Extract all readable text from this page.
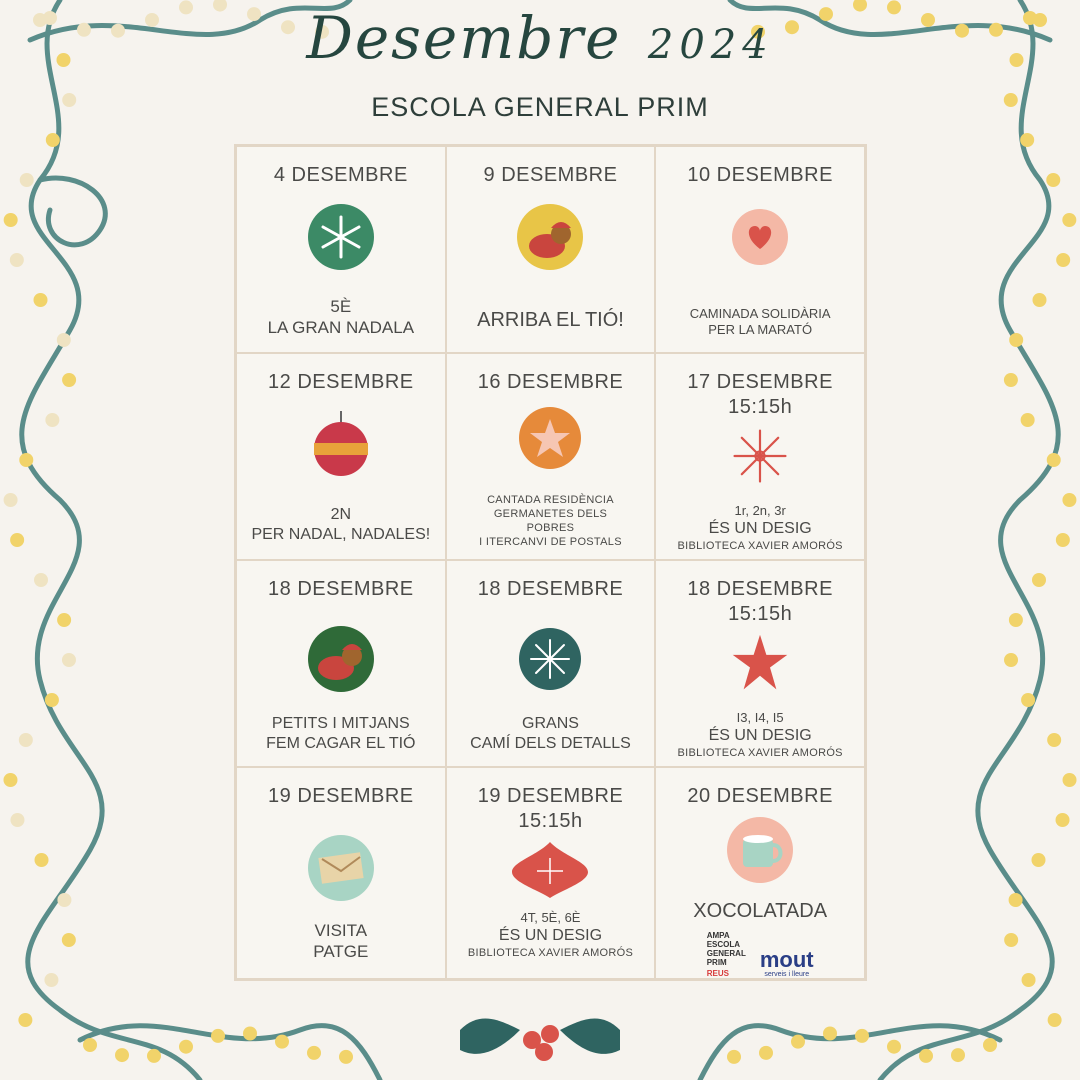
Desembre 2024
ESCOLA GENERAL PRIM
4 DESEMBRE
5È
LA GRAN NADALA
9 DESEMBRE
ARRIBA EL TIÓ!
10 DESEMBRE
CAMINADA SOLIDÀRIA
PER LA MARATÓ
12 DESEMBRE
2N
PER NADAL, NADALES!
16 DESEMBRE
CANTADA RESIDÈNCIA
GERMANETES DELS
POBRES
I ITERCANVI DE POSTALS
17 DESEMBRE
15:15h
1r, 2n, 3r
ÉS UN DESIG
BIBLIOTECA XAVIER AMORÓS
18 DESEMBRE
PETITS I MITJANS
FEM CAGAR EL TIÓ
18 DESEMBRE
GRANS
CAMÍ DELS DETALLS
18 DESEMBRE
15:15h
I3, I4, I5
ÉS UN DESIG
BIBLIOTECA XAVIER AMORÓS
19 DESEMBRE
VISITA
PATGE
19 DESEMBRE
15:15h
4T, 5È, 6È
ÉS UN DESIG
BIBLIOTECA XAVIER AMORÓS
20 DESEMBRE
XOCOLATADA
AMPA
ESCOLA
GENERAL
PRIM
REUS
mout
serveis i lleure
